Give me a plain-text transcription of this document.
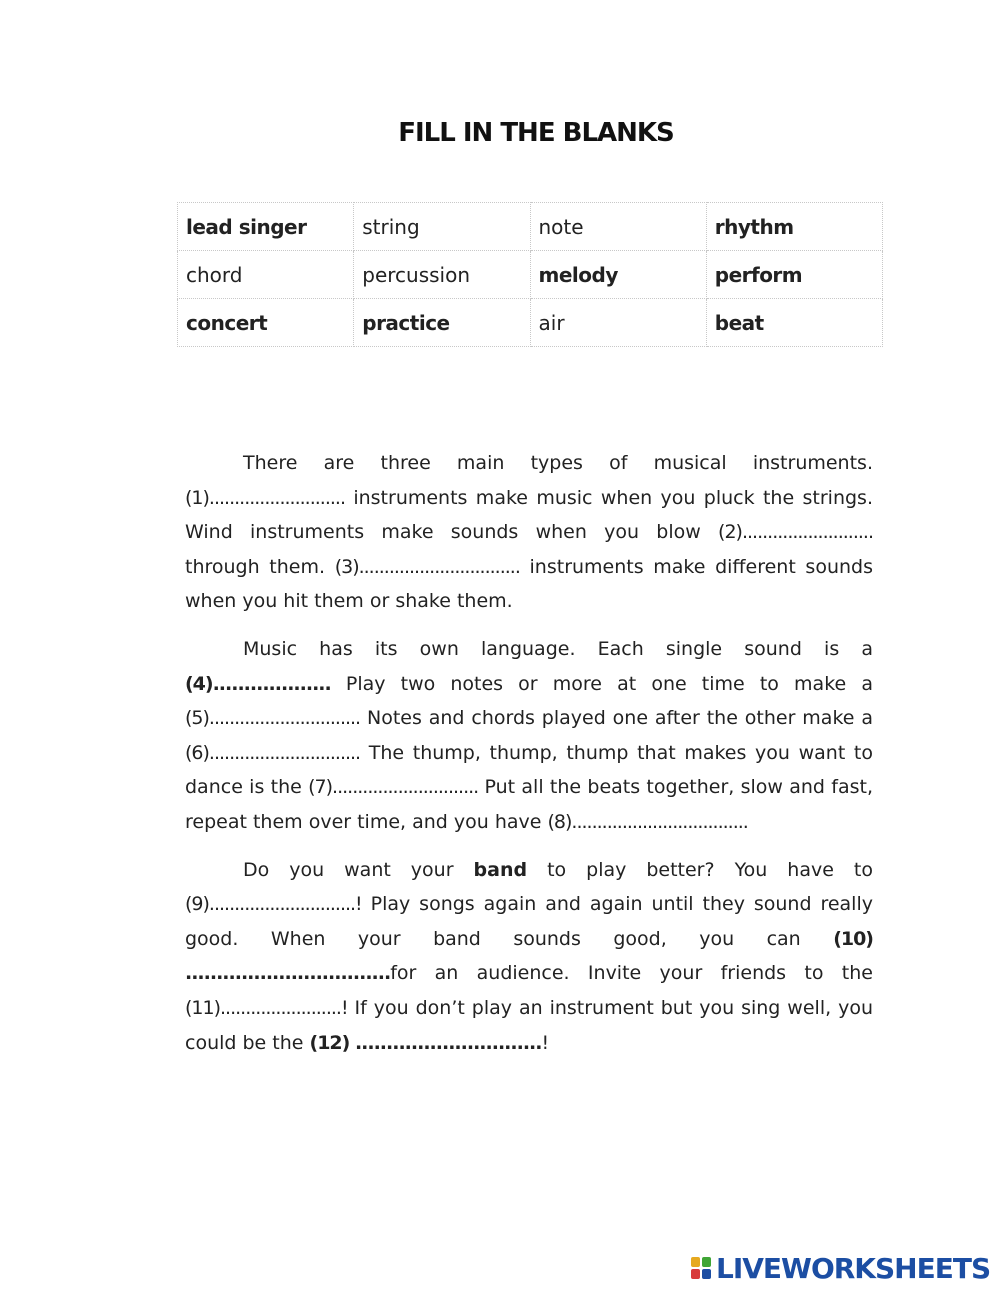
FILL IN THE BLANKS
lead singer	string	note	rhythm
chord	percussion	melody	perform
concert	practice	air	beat

There are three main types of musical instruments. (1)........................... instruments make music when you pluck the strings. Wind instruments make sounds when you blow (2).......................... through them. (3)................................ instruments make different sounds when you hit them or shake them.

Music has its own language. Each single sound is a (4)................... Play two notes or more at one time to make a (5).............................. Notes and chords played one after the other make a (6).............................. The thump, thump, thump that makes you want to dance is the (7)............................. Put all the beats together, slow and fast, repeat them over time, and you have (8)...................................

Do you want your band to play better? You have to (9).............................! Play songs again and again until they sound really good. When your band sounds good, you can (10) .................................for an audience. Invite your friends to the (11)........................! If you don’t play an instrument but you sing well, you could be the (12) ..............................!

LIVEWORKSHEETS
